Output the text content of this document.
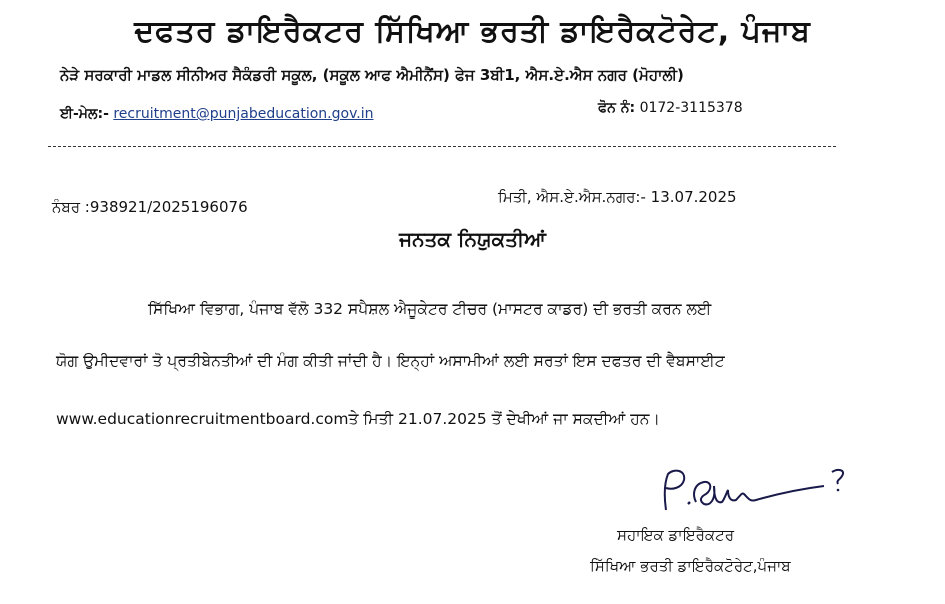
ਦਫਤਰ ਡਾਇਰੈਕਟਰ ਸਿੱਖਿਆ ਭਰਤੀ ਡਾਇਰੈਕਟੋਰੇਟ, ਪੰਜਾਬ
ਨੇੜੇ ਸਰਕਾਰੀ ਮਾਡਲ ਸੀਨੀਅਰ ਸੈਕੰਡਰੀ ਸਕੂਲ, (ਸਕੂਲ ਆਫ ਐਮੀਨੈਂਸ) ਫੇਜ 3ਬੀ1, ਐਸ.ਏ.ਐਸ ਨਗਰ (ਮੋਹਾਲੀ)
ਈ-ਮੇਲ:- recruitment@punjabeducation.gov.in	ਫੋਨ ਨੰ: 0172-3115378
ਨੰਬਰ :938921/2025196076
ਮਿਤੀ, ਐਸ.ਏ.ਐਸ.ਨਗਰ:- 13.07.2025
ਜਨਤਕ ਨਿਯੁਕਤੀਆਂ
ਸਿੱਖਿਆ ਵਿਭਾਗ, ਪੰਜਾਬ ਵੱਲੋ 332 ਸਪੈਸ਼ਲ ਐਜੂਕੇਟਰ ਟੀਚਰ (ਮਾਸਟਰ ਕਾਡਰ) ਦੀ ਭਰਤੀ ਕਰਨ ਲਈ
ਯੋਗ ਉਮੀਦਵਾਰਾਂ ਤੋ ਪ੍ਰਤੀਬੇਨਤੀਆਂ ਦੀ ਮੰਗ ਕੀਤੀ ਜਾਂਦੀ ਹੈ। ਇਨ੍ਹਾਂ ਅਸਾਮੀਆਂ ਲਈ ਸਰਤਾਂ ਇਸ ਦਫਤਰ ਦੀ ਵੈਬਸਾਈਟ
www.educationrecruitmentboard.comਤੇ ਮਿਤੀ 21.07.2025 ਤੋਂ ਦੇਖੀਆਂ ਜਾ ਸਕਦੀਆਂ ਹਨ।
ਸਹਾਇਕ ਡਾਇਰੈਕਟਰ
ਸਿੱਖਿਆ ਭਰਤੀ ਡਾਇਰੈਕਟੋਰੇਟ,ਪੰਜਾਬ
